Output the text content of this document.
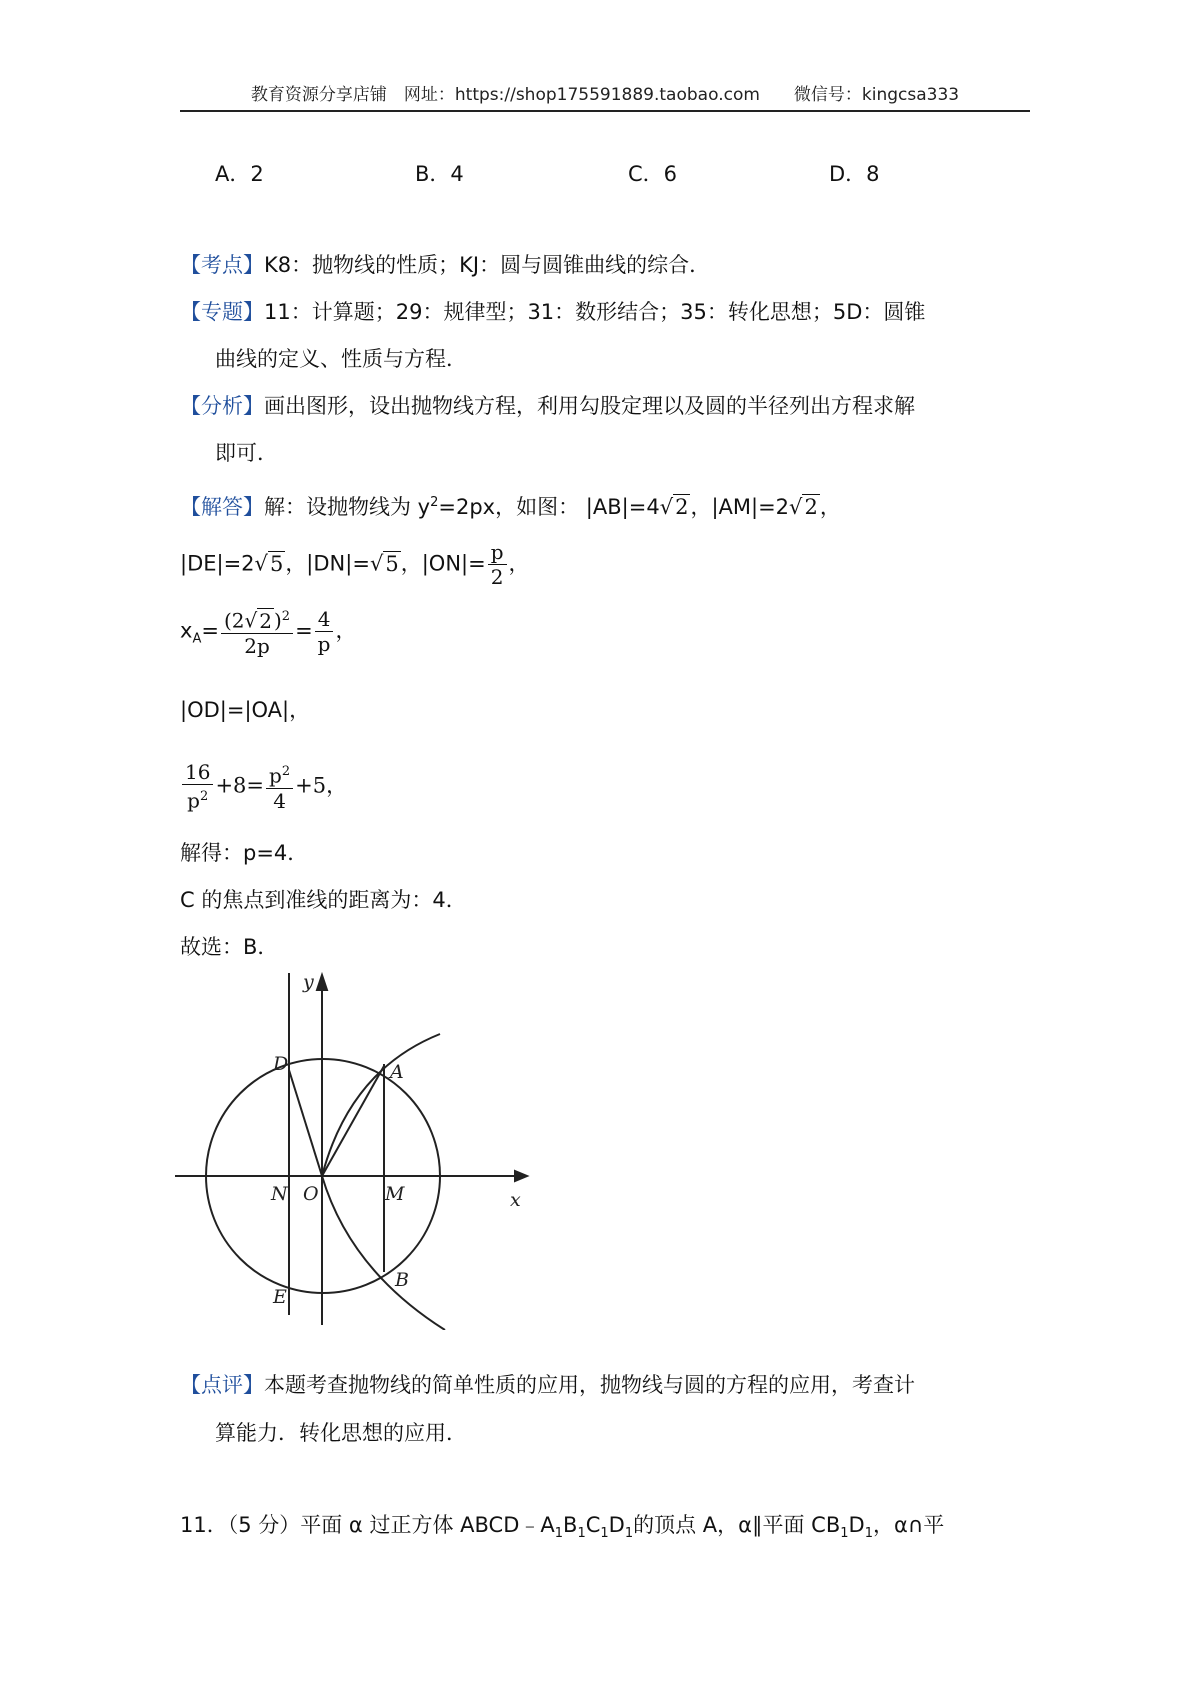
教育资源分享店铺　网址：https://shop175591889.taobao.com　　微信号：kingcsa333
A．2	B．4	C．6	D．8
【考点】K8：抛物线的性质；KJ：圆与圆锥曲线的综合．
【专题】11：计算题；29：规律型；31：数形结合；35：转化思想；5D：圆锥
曲线的定义、性质与方程．
【分析】画出图形，设出抛物线方程，利用勾股定理以及圆的半径列出方程求解
即可．
【解答】解：设抛物线为 $y^2=2px$，如图： |AB|=4√2，|AM|=2√2，
|DE|=2√5，|DN|=√5，$|ON|= \frac{p}{2}$ ，
$x_A= \frac{(2√ 2 )^2}{2p} = \frac{4}{p}$ ，
|OD|=|OA|，
$\frac{16}{p^2} +8= \frac{p^2}{4} +5$，
解得：p=4．
C 的焦点到准线的距离为：4．
故选：B．
y
x
D	A
N O	M
E
B
【点评】本题考查抛物线的简单性质的应用，抛物线与圆的方程的应用，考查计
算能力．转化思想的应用．
11．（5 分）平面 α 过正方体 $ABCD﹣A_1B_1C_1D_1$的顶点 A，α∥平面 $CB_1D_1$，α∩平
